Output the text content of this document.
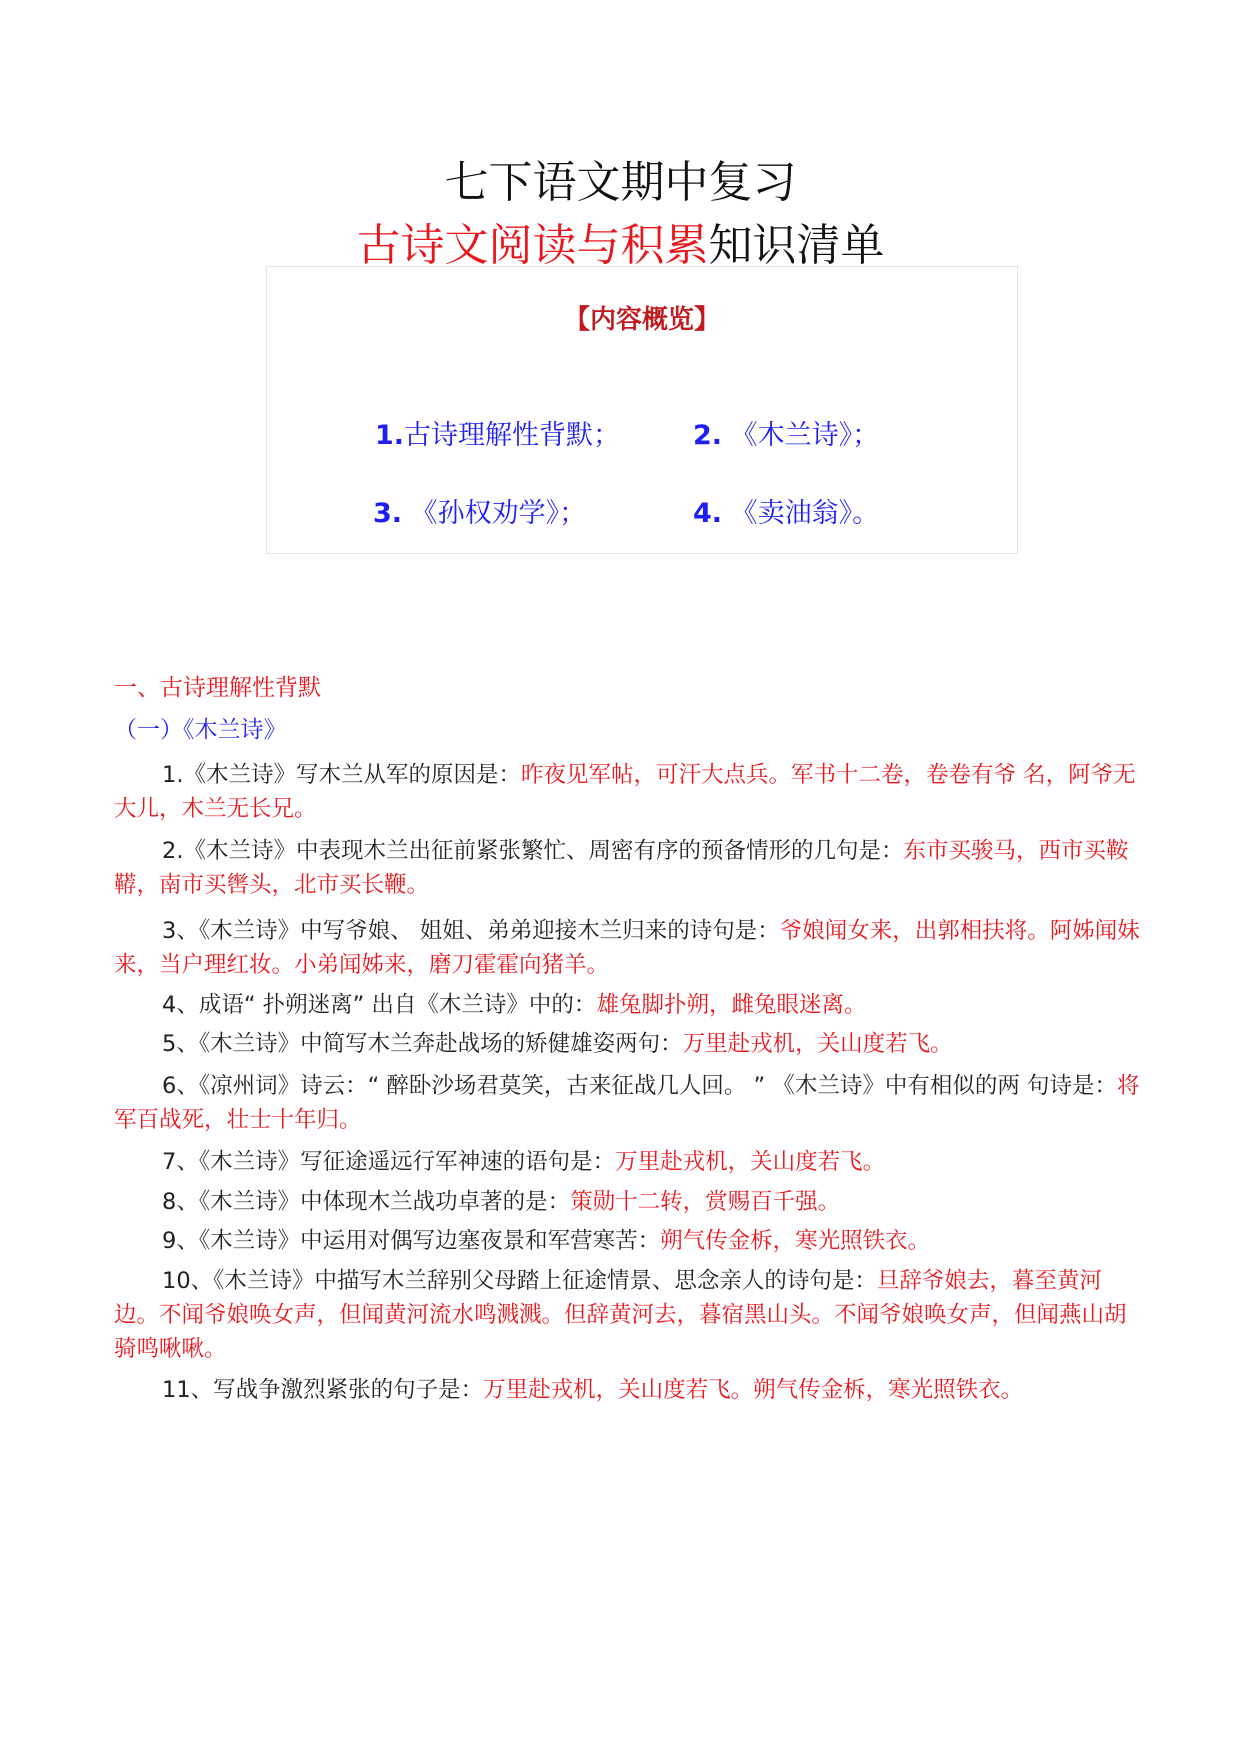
七下语文期中复习
古诗文阅读与积累知识清单
【内容概览】
1.古诗理解性背默；	2. 《木兰诗》；
3. 《孙权劝学》；	4. 《卖油翁》。
一、古诗理解性背默
（一）《木兰诗》

1.《木兰诗》写木兰从军的原因是：昨夜见军帖，可汗大点兵。军书十二卷，卷卷有爷 名，阿爷无大儿，木兰无长兄。

2.《木兰诗》中表现木兰出征前紧张繁忙、周密有序的预备情形的几句是：东市买骏马，西市买鞍鞯，南市买辔头，北市买长鞭。

3、《木兰诗》中写爷娘、 姐姐、弟弟迎接木兰归来的诗句是：爷娘闻女来，出郭相扶将。阿姊闻妹来，当户理红妆。小弟闻姊来，磨刀霍霍向猪羊。

4、成语“ 扑朔迷离” 出自《木兰诗》中的：雄兔脚扑朔，雌兔眼迷离。

5、《木兰诗》中简写木兰奔赴战场的矫健雄姿两句：万里赴戎机，关山度若飞。

6、《凉州词》诗云：“ 醉卧沙场君莫笑，古来征战几人回。 ” 《木兰诗》中有相似的两 句诗是：将军百战死，壮士十年归。

7、《木兰诗》写征途遥远行军神速的语句是：万里赴戎机，关山度若飞。

8、《木兰诗》中体现木兰战功卓著的是：策勋十二转，赏赐百千强。

9、《木兰诗》中运用对偶写边塞夜景和军营寒苦：朔气传金柝，寒光照铁衣。

10、《木兰诗》中描写木兰辞别父母踏上征途情景、思念亲人的诗句是：旦辞爷娘去，暮至黄河边。不闻爷娘唤女声，但闻黄河流水鸣溅溅。但辞黄河去，暮宿黑山头。不闻爷娘唤女声，但闻燕山胡骑鸣啾啾。

11、写战争激烈紧张的句子是：万里赴戎机，关山度若飞。朔气传金柝，寒光照铁衣。
